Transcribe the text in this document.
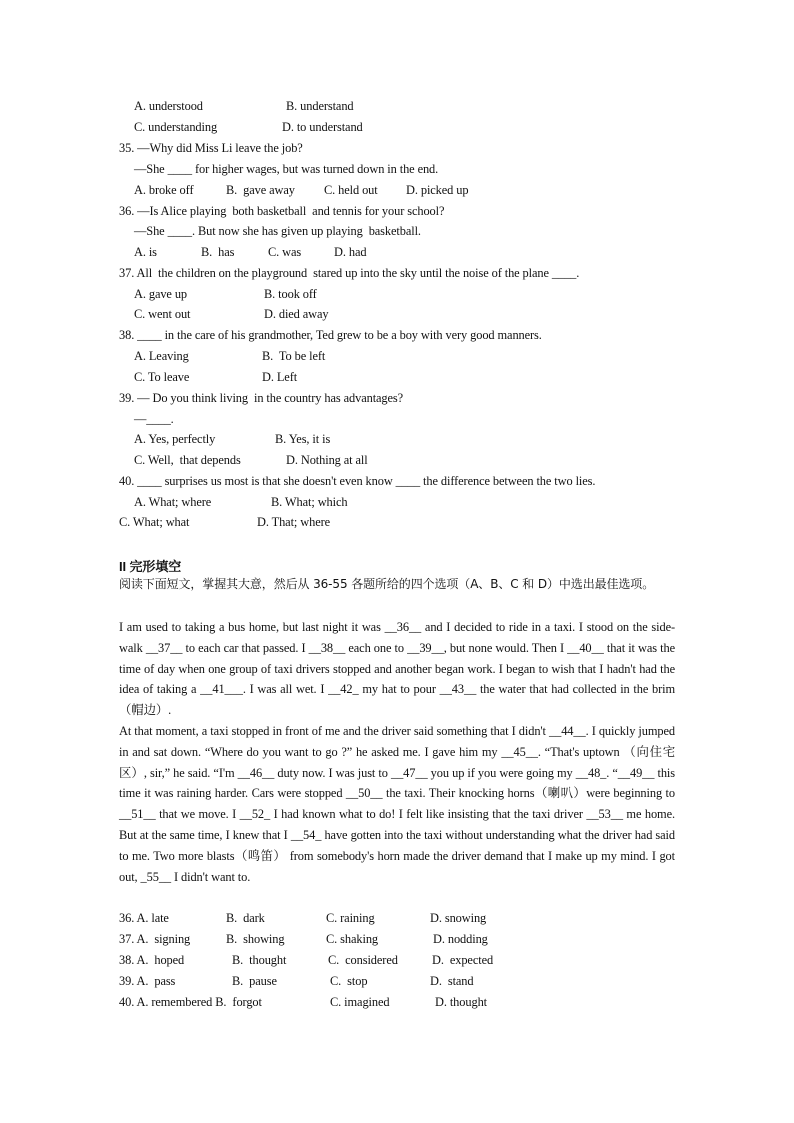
A. understood	B. understand
C. understanding	D. to understand
35. —Why did Miss Li leave the job?
—She ____ for higher wages, but was turned down in the end.
A. broke off	B.  gave away C. held out D. picked up
36. —Is Alice playing  both basketball  and tennis for your school?
—She ____. But now she has given up playing  basketball.
A. is	B.  has	C. was	D. had
37. All  the children on the playground  stared up into the sky until the noise of the plane ____.
A. gave up	B. took off
C. went out	D. died away
38. ____ in the care of his grandmother, Ted grew to be a boy with very good manners.
A. Leaving	B.  To be left
C. To leave	D. Left
39. — Do you think living  in the country has advantages?
—____.
A. Yes, perfectly	B. Yes, it is
C. Well,  that depends	D. Nothing at all
40. ____ surprises us most is that she doesn't even know ____ the difference between the two lies.
A. What; where	B. What; which
C. What; what	D. That; where
II 完形填空
阅读下面短文，掌握其大意，然后从 36-55 各题所给的四个选项（A、B、C 和 D）中选出最佳选项。
I am used to taking a bus home, but last night it was __36__ and I decided to ride in a taxi. I stood on the side-walk __37__ to each car that passed. I __38__ each one to __39__, but none would. Then I __40__ that it was the time of day when one group of taxi drivers stopped and another began work. I began to wish that I hadn't had the idea of taking a __41___. I was all wet. I __42_ my hat to pour __43__ the water that had collected in the brim（帽边）.
At that moment, a taxi stopped in front of me and the driver said something that I didn't __44__. I quickly jumped in and sat down. “Where do you want to go ?” he asked me. I gave him my __45__. “That's uptown （向住宅区）, sir,” he said. “I'm __46__ duty now. I was just to __47__ you up if you were going my __48_. “__49__ this time it was raining harder. Cars were stopped __50__ the taxi. Their knocking horns（喇叭）were beginning to __51__ that we move. I __52_ I had known what to do! I felt like insisting that the taxi driver __53__ me home. But at the same time, I knew that I __54_ have gotten into the taxi without understanding what the driver had said to me. Two more blasts（鸣笛） from somebody's horn made the driver demand that I make up my mind. I got out, _55__ I didn't want to.
36. A. late	B.  dark	C. raining	D. snowing
37. A.  signing	B.  showing	C. shaking	D. nodding
38. A.  hoped	B.  thought	C.  considered	D.  expected
39. A.  pass	B.  pause	C.  stop	D.  stand
40. A. remembered B.  forgot	C. imagined	D. thought
